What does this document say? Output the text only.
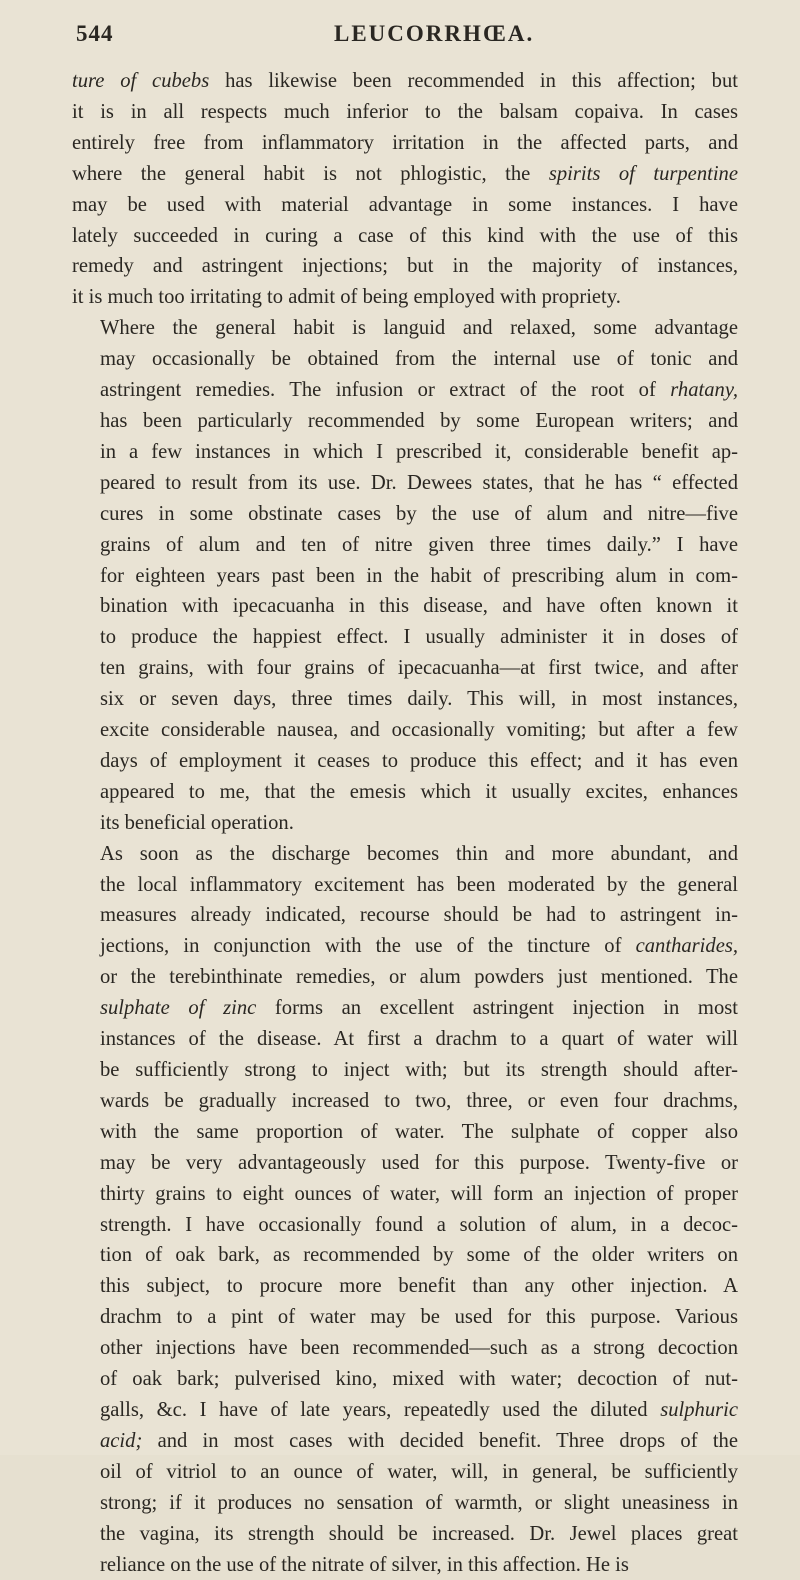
544	LEUCORRHŒA.

ture of cubebs has likewise been recommended in this affection; but
it is in all respects much inferior to the balsam copaiva. In cases
entirely free from inflammatory irritation in the affected parts, and
where the general habit is not phlogistic, the spirits of turpentine
may be used with material advantage in some instances. I have
lately succeeded in curing a case of this kind with the use of this
remedy and astringent injections; but in the majority of instances,
it is much too irritating to admit of being employed with propriety.

Where the general habit is languid and relaxed, some advantage
may occasionally be obtained from the internal use of tonic and
astringent remedies. The infusion or extract of the root of rhatany,
has been particularly recommended by some European writers; and
in a few instances in which I prescribed it, considerable benefit ap-
peared to result from its use. Dr. Dewees states, that he has “ effected
cures in some obstinate cases by the use of alum and nitre—five
grains of alum and ten of nitre given three times daily.” I have
for eighteen years past been in the habit of prescribing alum in com-
bination with ipecacuanha in this disease, and have often known it
to produce the happiest effect. I usually administer it in doses of
ten grains, with four grains of ipecacuanha—at first twice, and after
six or seven days, three times daily. This will, in most instances,
excite considerable nausea, and occasionally vomiting; but after a few
days of employment it ceases to produce this effect; and it has even
appeared to me, that the emesis which it usually excites, enhances
its beneficial operation.

As soon as the discharge becomes thin and more abundant, and
the local inflammatory excitement has been moderated by the general
measures already indicated, recourse should be had to astringent in-
jections, in conjunction with the use of the tincture of cantharides,
or the terebinthinate remedies, or alum powders just mentioned. The
sulphate of zinc forms an excellent astringent injection in most
instances of the disease. At first a drachm to a quart of water will
be sufficiently strong to inject with; but its strength should after-
wards be gradually increased to two, three, or even four drachms,
with the same proportion of water. The sulphate of copper also
may be very advantageously used for this purpose. Twenty-five or
thirty grains to eight ounces of water, will form an injection of proper
strength. I have occasionally found a solution of alum, in a decoc-
tion of oak bark, as recommended by some of the older writers on
this subject, to procure more benefit than any other injection. A
drachm to a pint of water may be used for this purpose. Various
other injections have been recommended—such as a strong decoction
of oak bark; pulverised kino, mixed with water; decoction of nut-
galls, &c. I have of late years, repeatedly used the diluted sulphuric
acid; and in most cases with decided benefit. Three drops of the
oil of vitriol to an ounce of water, will, in general, be sufficiently
strong; if it produces no sensation of warmth, or slight uneasiness in
the vagina, its strength should be increased. Dr. Jewel places great
reliance on the use of the nitrate of silver, in this affection. He is
